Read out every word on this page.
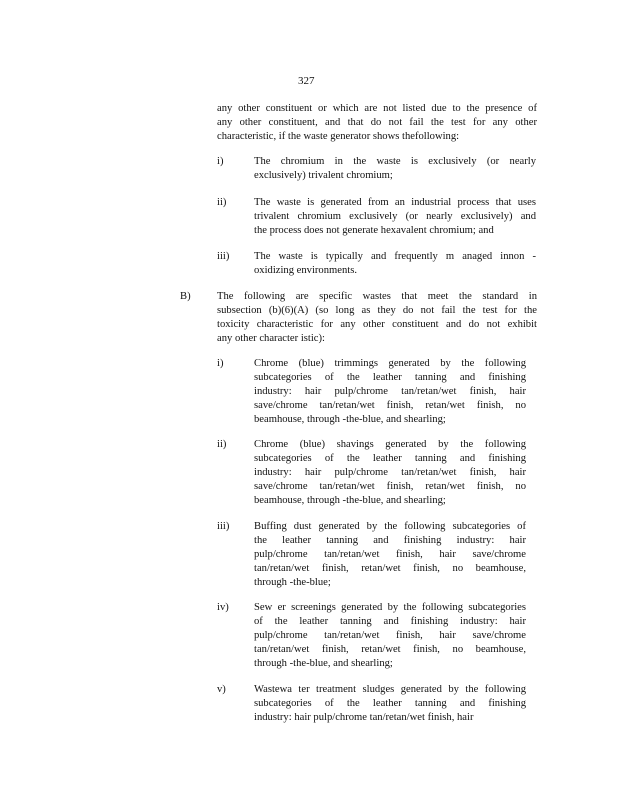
327
any other constituent or which are not listed due to the presence of
any other constituent, and that do not fail the test for any other
characteristic, if the waste generator shows thefollowing:
i)	The chromium in the waste is exclusively (or nearly
exclusively) trivalent chromium;
ii)	The waste is generated from an industrial process that uses
trivalent chromium exclusively (or nearly exclusively) and
the process does not generate hexavalent chromium; and
iii) The waste is typically and frequently m anaged innon -
oxidizing environments.
B) The following are specific wastes that meet the standard in
subsection (b)(6)(A) (so long as they do not fail the test for the
toxicity characteristic for any other constituent and do not exhibit
any other character istic):
i)	Chrome (blue) trimmings generated by the following
subcategories of the leather tanning and finishing
industry: hair pulp/chrome tan/retan/wet finish, hair
save/chrome tan/retan/wet finish, retan/wet finish, no
beamhouse, through -the-blue, and shearling;
ii)	Chrome (blue) shavings generated by the following
subcategories of the leather tanning and finishing
industry: hair pulp/chrome tan/retan/wet finish, hair
save/chrome tan/retan/wet finish, retan/wet finish, no
beamhouse, through -the-blue, and shearling;
iii) Buffing dust generated by the following subcategories of
the leather tanning and finishing industry: hair
pulp/chrome tan/retan/wet finish, hair save/chrome
tan/retan/wet finish, retan/wet finish, no beamhouse,
through -the-blue;
iv) Sew er screenings generated by the following subcategories
of the leather tanning and finishing industry: hair
pulp/chrome tan/retan/wet finish, hair save/chrome
tan/retan/wet finish, retan/wet finish, no beamhouse,
through -the-blue, and shearling;
v)	Wastewa ter treatment sludges generated by the following
subcategories of the leather tanning and finishing
industry: hair pulp/chrome tan/retan/wet finish, hair
